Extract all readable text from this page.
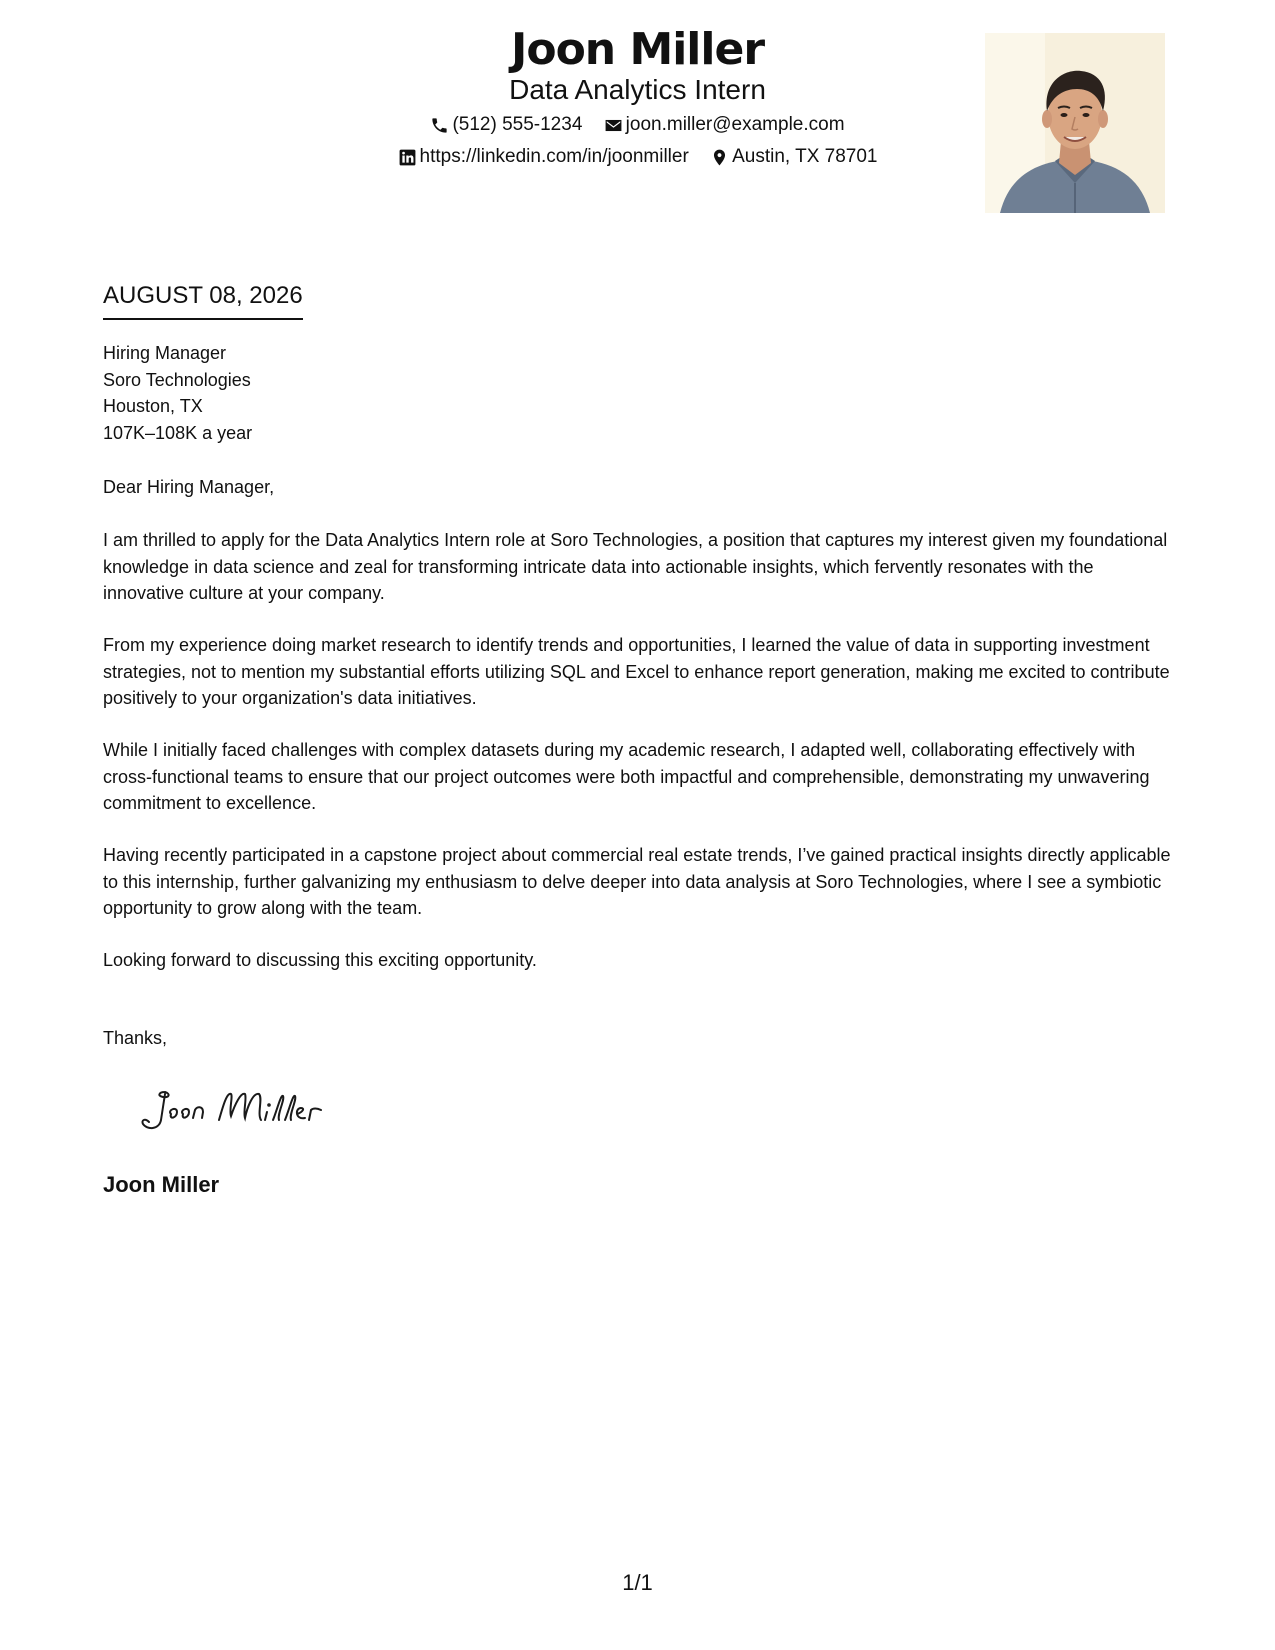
Joon Miller
Data Analytics Intern
(512) 555-1234
joon.miller@example.com
https://linkedin.com/in/joonmiller
Austin, TX 78701
AUGUST 08, 2026
Hiring Manager
Soro Technologies
Houston, TX
107K–108K a year
Dear Hiring Manager,
I am thrilled to apply for the Data Analytics Intern role at Soro Technologies, a position that captures my interest given my foundational knowledge in data science and zeal for transforming intricate data into actionable insights, which fervently resonates with the innovative culture at your company.
From my experience doing market research to identify trends and opportunities, I learned the value of data in supporting investment strategies, not to mention my substantial efforts utilizing SQL and Excel to enhance report generation, making me excited to contribute positively to your organization's data initiatives.
While I initially faced challenges with complex datasets during my academic research, I adapted well, collaborating effectively with cross-functional teams to ensure that our project outcomes were both impactful and comprehensible, demonstrating my unwavering commitment to excellence.
Having recently participated in a capstone project about commercial real estate trends, I’ve gained practical insights directly applicable to this internship, further galvanizing my enthusiasm to delve deeper into data analysis at Soro Technologies, where I see a symbiotic opportunity to grow along with the team.
Looking forward to discussing this exciting opportunity.
Thanks,
Joon Miller
1/1
